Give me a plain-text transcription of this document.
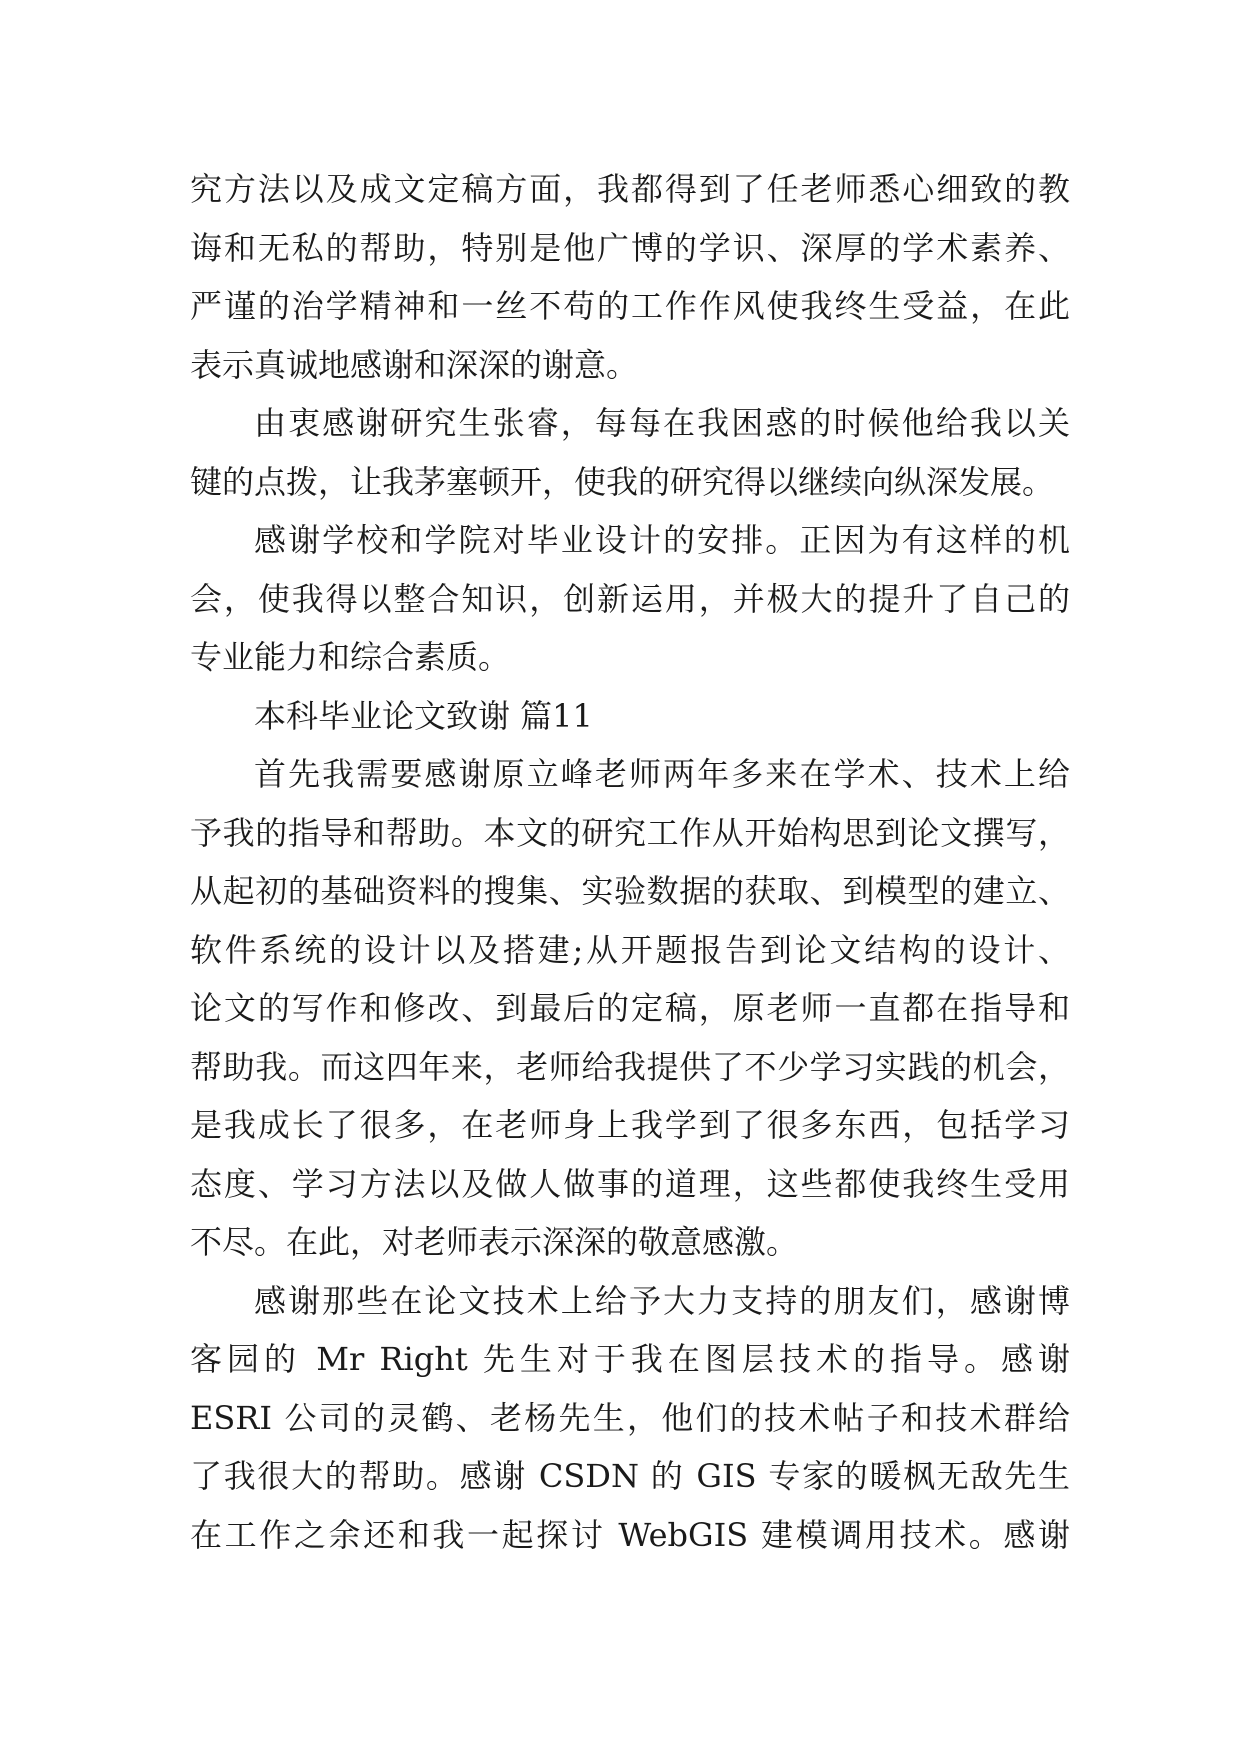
究方法以及成文定稿方面，我都得到了任老师悉心细致的教
诲和无私的帮助，特别是他广博的学识、深厚的学术素养、
严谨的治学精神和一丝不苟的工作作风使我终生受益，在此
表示真诚地感谢和深深的谢意。
由衷感谢研究生张睿，每每在我困惑的时候他给我以关
键的点拨，让我茅塞顿开，使我的研究得以继续向纵深发展。
感谢学校和学院对毕业设计的安排。正因为有这样的机
会，使我得以整合知识，创新运用，并极大的提升了自己的
专业能力和综合素质。
本科毕业论文致谢 篇11
首先我需要感谢原立峰老师两年多来在学术、技术上给
予我的指导和帮助。本文的研究工作从开始构思到论文撰写，
从起初的基础资料的搜集、实验数据的获取、到模型的建立、
软件系统的设计以及搭建;从开题报告到论文结构的设计、
论文的写作和修改、到最后的定稿，原老师一直都在指导和
帮助我。而这四年来，老师给我提供了不少学习实践的机会，
是我成长了很多，在老师身上我学到了很多东西，包括学习
态度、学习方法以及做人做事的道理，这些都使我终生受用
不尽。在此，对老师表示深深的敬意感激。
感谢那些在论文技术上给予大力支持的朋友们，感谢博
客园的 Mr Right 先生对于我在图层技术的指导。感谢
ESRI 公司的灵鹤、老杨先生，他们的技术帖子和技术群给
了我很大的帮助。感谢 CSDN 的 GIS 专家的暖枫无敌先生
在工作之余还和我一起探讨 WebGIS 建模调用技术。感谢
